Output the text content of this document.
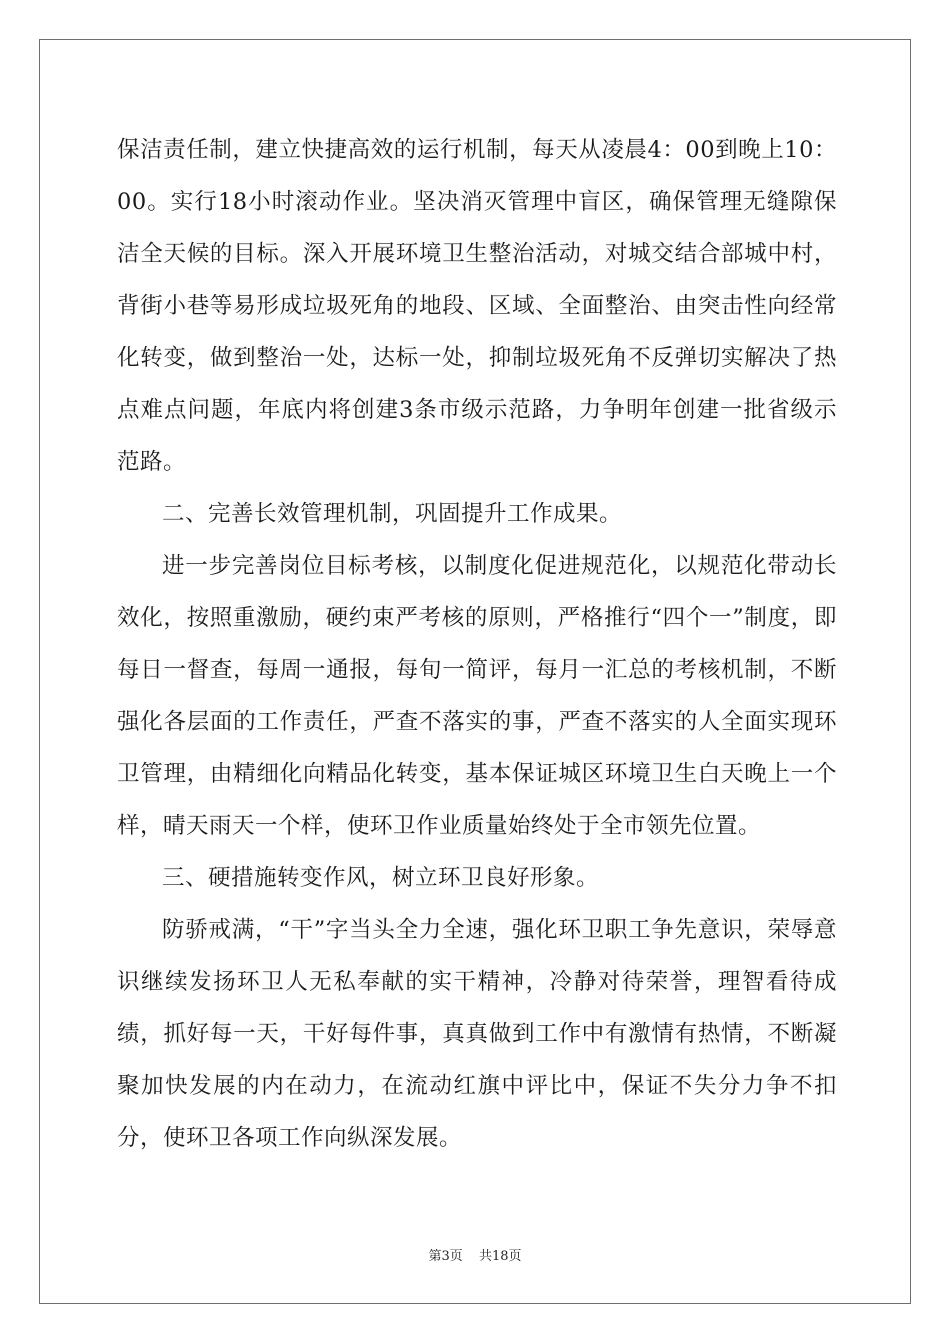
保洁责任制，建立快捷高效的运行机制，每天从凌晨4：00到晚上10：00。实行18小时滚动作业。坚决消灭管理中盲区，确保管理无缝隙保洁全天候的目标。深入开展环境卫生整治活动，对城交结合部城中村，背街小巷等易形成垃圾死角的地段、区域、全面整治、由突击性向经常化转变，做到整治一处，达标一处，抑制垃圾死角不反弹切实解决了热点难点问题，年底内将创建3条市级示范路，力争明年创建一批省级示范路。

二、完善长效管理机制，巩固提升工作成果。

进一步完善岗位目标考核，以制度化促进规范化，以规范化带动长效化，按照重激励，硬约束严考核的原则，严格推行“四个一”制度，即每日一督查，每周一通报，每旬一简评，每月一汇总的考核机制，不断强化各层面的工作责任，严查不落实的事，严查不落实的人全面实现环卫管理，由精细化向精品化转变，基本保证城区环境卫生白天晚上一个样，晴天雨天一个样，使环卫作业质量始终处于全市领先位置。

三、硬措施转变作风，树立环卫良好形象。

防骄戒满，“干”字当头全力全速，强化环卫职工争先意识，荣辱意识继续发扬环卫人无私奉献的实干精神，冷静对待荣誉，理智看待成绩，抓好每一天，干好每件事，真真做到工作中有激情有热情，不断凝聚加快发展的内在动力，在流动红旗中评比中，保证不失分力争不扣分，使环卫各项工作向纵深发展。

第3页 共18页
